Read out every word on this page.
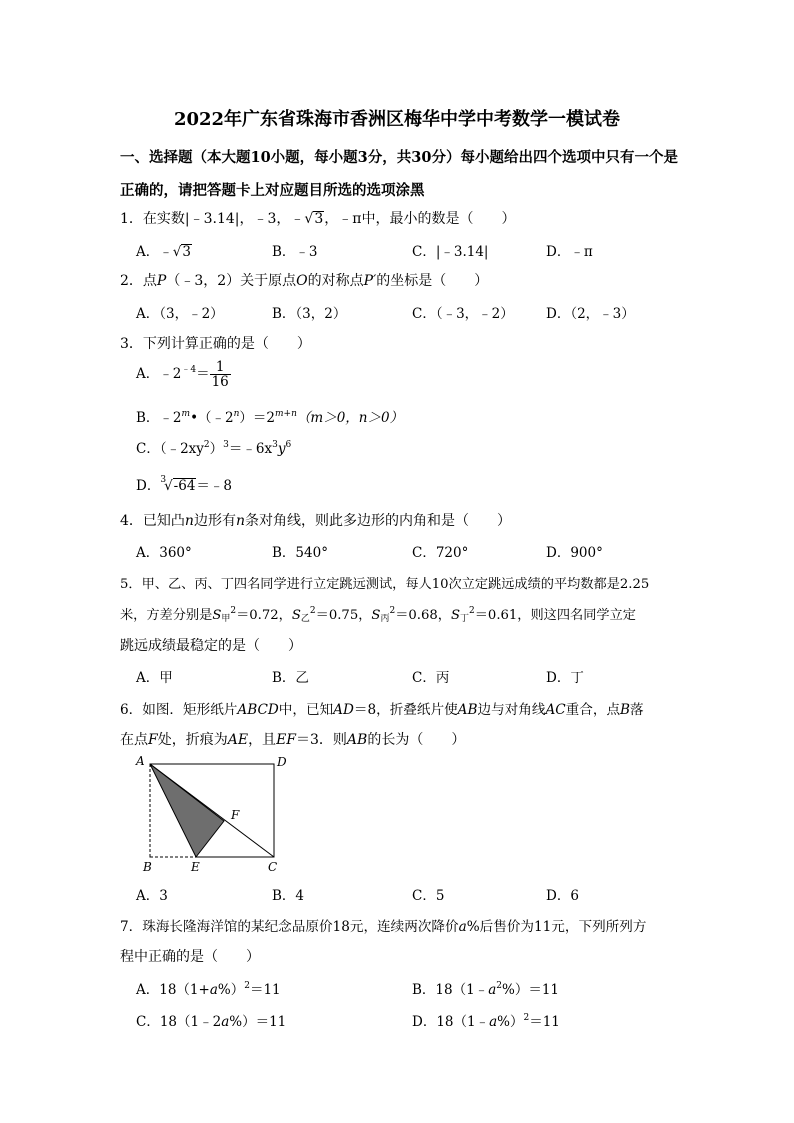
2022年广东省珠海市香洲区梅华中学中考数学一模试卷
一、选择题（本大题10小题，每小题3分，共30分）每小题给出四个选项中只有一个是
正确的，请把答题卡上对应题目所选的选项涂黑
1．在实数|﹣3.14|，﹣3，﹣√3，﹣π中，最小的数是（　　）
A．﹣√3	B．﹣3	C．|﹣3.14|	D．﹣π
2．点P（﹣3，2）关于原点O的对称点P′的坐标是（　　）
A．（3，﹣2）	B．（3，2）	C．（﹣3，﹣2） D．（2，﹣3）
3．下列计算正确的是（　　）
A．$﹣2^{﹣4}= \frac{1}{16}$
B．$﹣2^m•(﹣2^n)=2^{m+n}(m>0$，n＞0）
C．$(﹣2xy^2)^3=﹣6x^3y^6$
D．$^3$√-64＝﹣8
4．已知凸n边形有n条对角线，则此多边形的内角和是（　　）
A．360°	B．540°	C．720°	D．900°
5．甲、乙、丙、丁四名同学进行立定跳远测试，每人10次立定跳远成绩的平均数都是2.25
米，方差分别是$S_甲^2=0.72$，$S_乙^2=0.75$，$S_丙^2=0.68$，$S_丁^2=0.61$，则这四名同学立定
跳远成绩最稳定的是（　　）
A．甲	B．乙	C．丙	D．丁
6．如图．矩形纸片ABCD中，已知AD＝8，折叠纸片使AB边与对角线AC重合，点B落
在点F处，折痕为AE，且EF＝3．则AB的长为（　　）
A	D
B	E	C
F
A．3	B．4	C．5	D．6
7．珠海长隆海洋馆的某纪念品原价18元，连续两次降价a%后售价为11元，下列所列方
程中正确的是（　　）
A．$18(1+a\%)^2=11$	B．$18(1﹣a^2\%)=11$
C．18（1﹣2a%）＝11	D．18（1﹣a%）$^2$＝11
